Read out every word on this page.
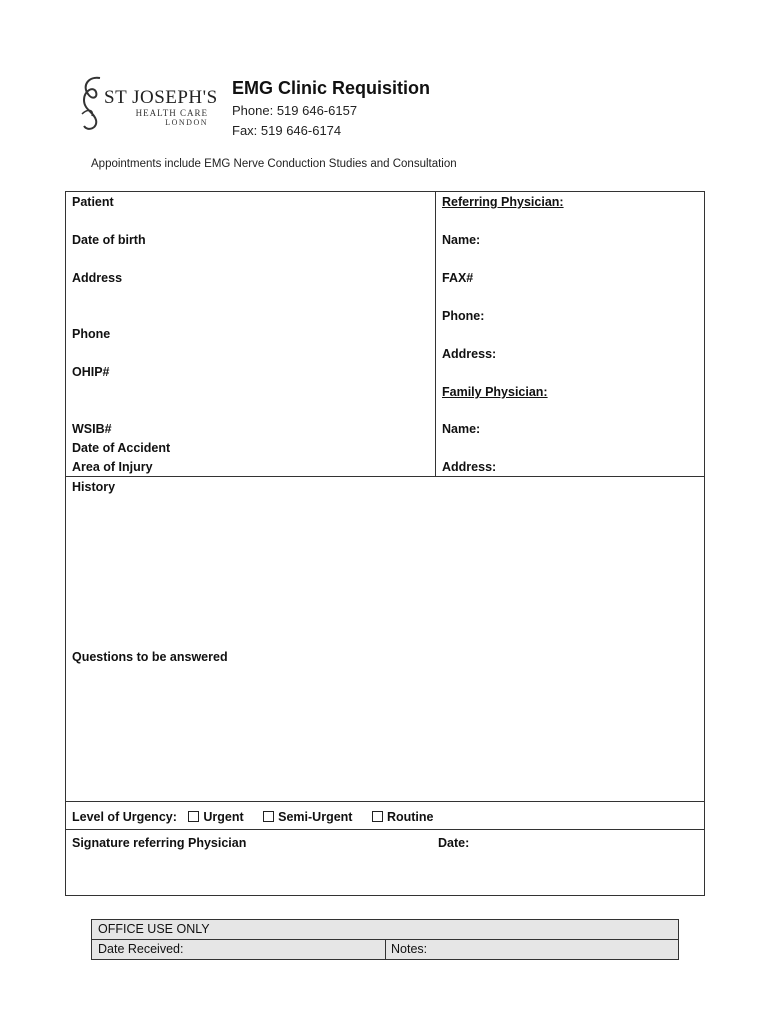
ST JOSEPH'S
HEALTH CARE
LONDON
EMG Clinic Requisition
Phone: 519 646-6157
Fax: 519 646-6174
Appointments include EMG Nerve Conduction Studies and Consultation
Patient
Date of birth
Address
Phone
OHIP#
WSIB#
Date of Accident
Area of Injury
Referring Physician:
Name:
FAX#
Phone:
Address:
Family Physician:
Name:
Address:
History
Questions to be answered
Level of Urgency: Urgent	Semi-Urgent	Routine
Signature referring Physician	Date:
OFFICE USE ONLY
Date Received:	Notes:
